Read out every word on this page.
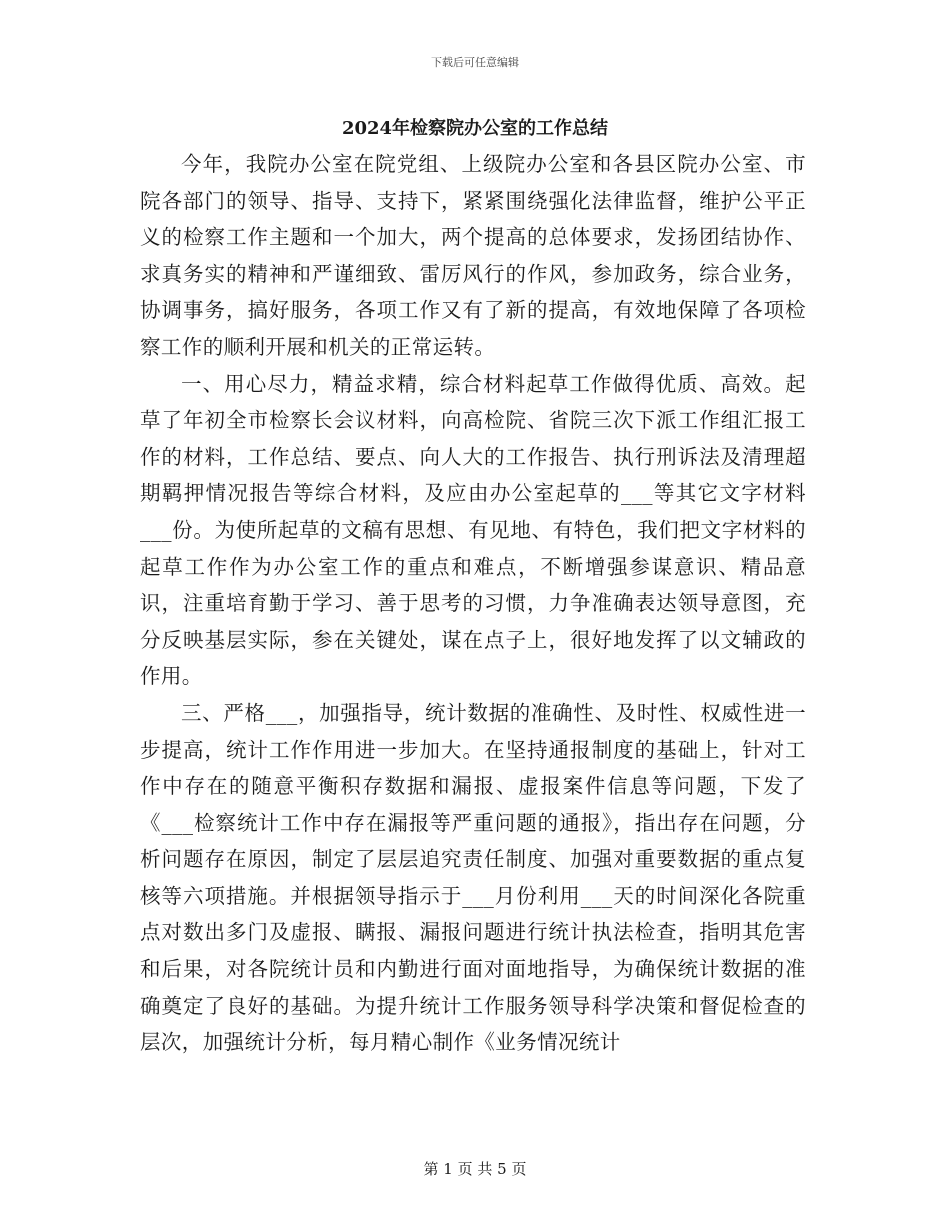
下载后可任意编辑
2024年检察院办公室的工作总结

今年，我院办公室在院党组、上级院办公室和各县区院办公室、市院各部门的领导、指导、支持下，紧紧围绕强化法律监督，维护公平正义的检察工作主题和一个加大，两个提高的总体要求，发扬团结协作、求真务实的精神和严谨细致、雷厉风行的作风，参加政务，综合业务，协调事务，搞好服务，各项工作又有了新的提高，有效地保障了各项检察工作的顺利开展和机关的正常运转。

一、用心尽力，精益求精，综合材料起草工作做得优质、高效。起草了年初全市检察长会议材料，向高检院、省院三次下派工作组汇报工作的材料，工作总结、要点、向人大的工作报告、执行刑诉法及清理超期羁押情况报告等综合材料，及应由办公室起草的___等其它文字材料___份。为使所起草的文稿有思想、有见地、有特色，我们把文字材料的起草工作作为办公室工作的重点和难点，不断增强参谋意识、精品意识，注重培育勤于学习、善于思考的习惯，力争准确表达领导意图，充分反映基层实际，参在关键处，谋在点子上，很好地发挥了以文辅政的作用。

三、严格___，加强指导，统计数据的准确性、及时性、权威性进一步提高，统计工作作用进一步加大。在坚持通报制度的基础上，针对工作中存在的随意平衡积存数据和漏报、虚报案件信息等问题，下发了《___检察统计工作中存在漏报等严重问题的通报》，指出存在问题，分析问题存在原因，制定了层层追究责任制度、加强对重要数据的重点复核等六项措施。并根据领导指示于___月份利用___天的时间深化各院重点对数出多门及虚报、瞒报、漏报问题进行统计执法检查，指明其危害和后果，对各院统计员和内勤进行面对面地指导，为确保统计数据的准确奠定了良好的基础。为提升统计工作服务领导科学决策和督促检查的层次，加强统计分析，每月精心制作《业务情况统计

第 1 页 共 5 页
